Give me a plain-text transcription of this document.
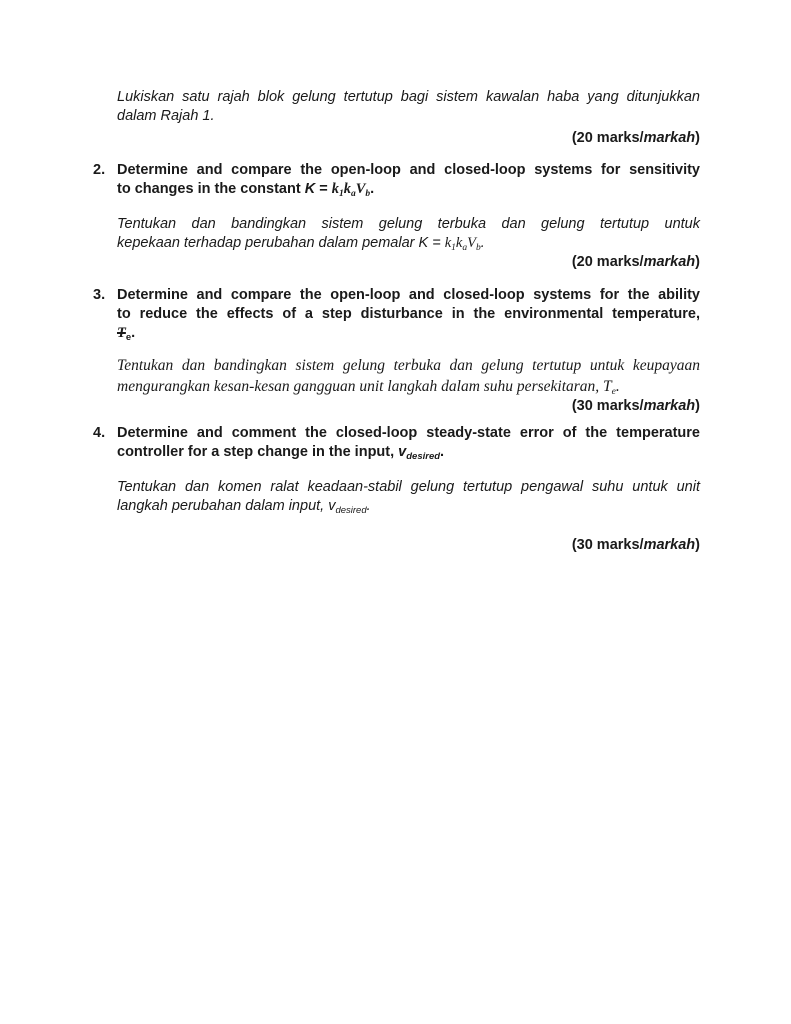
Lukiskan satu rajah blok gelung tertutup bagi sistem kawalan haba yang ditunjukkan
dalam Rajah 1.
(20 marks/markah)
2. Determine and compare the open-loop and closed-loop systems for sensitivity
to changes in the constant $K = k_1k_aV_b$.
Tentukan dan bandingkan sistem gelung terbuka dan gelung tertutup untuk
kepekaan terhadap perubahan dalam pemalar $K = k_1k_aV_b$.
(20 marks/markah)
3. Determine and compare the open-loop and closed-loop systems for the ability
to reduce the effects of a step disturbance in the environmental temperature,
$T_e$.
Tentukan dan bandingkan sistem gelung terbuka dan gelung tertutup untuk keupayaan
mengurangkan kesan-kesan gangguan unit langkah dalam suhu persekitaran, $T_e$.
(30 marks/markah)
4. Determine and comment the closed-loop steady-state error of the temperature
controller for a step change in the input, $v_{desired}$.
Tentukan dan komen ralat keadaan-stabil gelung tertutup pengawal suhu untuk unit
langkah perubahan dalam input, $v_{desired}$.
(30 marks/markah)
